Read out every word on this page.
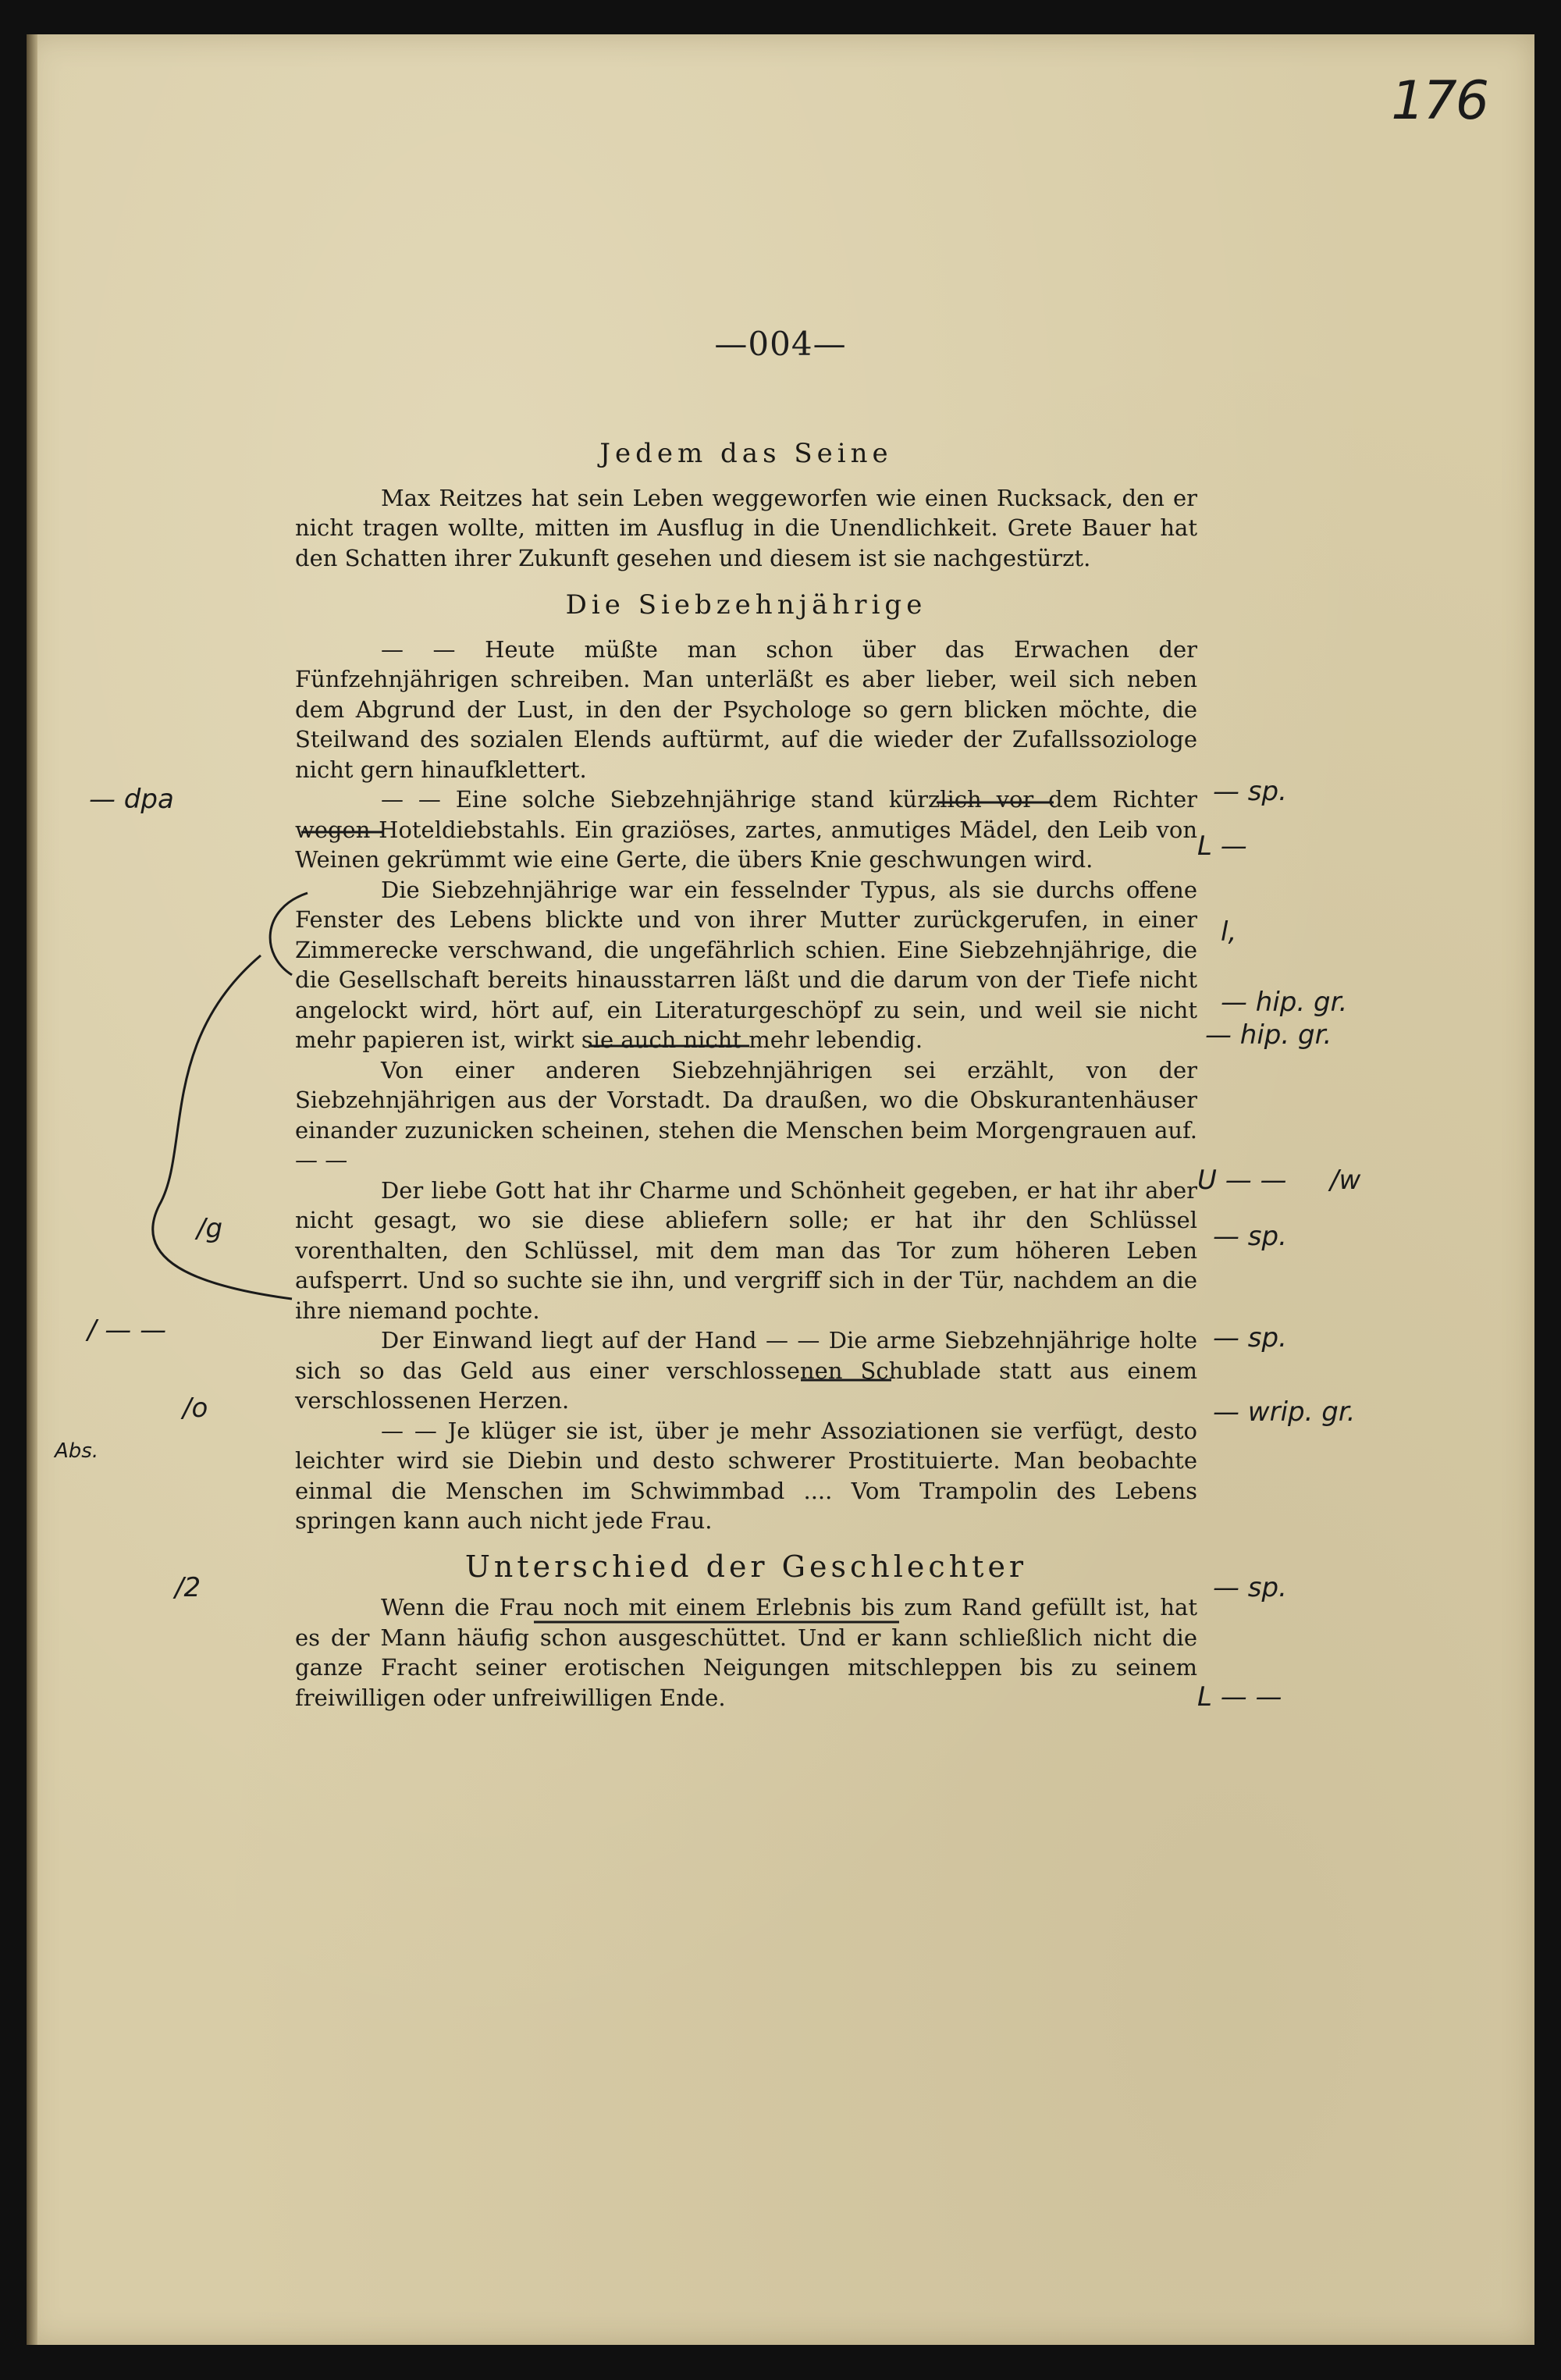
176
—004—
Jedem das Seine

Max Reitzes hat sein Leben weggeworfen wie einen Rucksack, den er nicht tragen wollte, mitten im Ausflug in die Unendlichkeit. Grete Bauer hat den Schatten ihrer Zukunft gesehen und diesem ist sie nachgestürzt.

Die Siebzehnjährige

— — Heute müßte man schon über das Erwachen der Fünfzehnjährigen schreiben. Man unterläßt es aber lieber, weil sich neben dem Abgrund der Lust, in den der Psychologe so gern blicken möchte, die Steilwand des sozialen Elends auftürmt, auf die wieder der Zufallssoziologe nicht gern hinaufklettert.

— — Eine solche Siebzehnjährige stand kürzlich vor dem Richter wegen Hoteldiebstahls. Ein graziöses, zartes, anmutiges Mädel, den Leib von Weinen gekrümmt wie eine Gerte, die übers Knie geschwungen wird.

Die Siebzehnjährige war ein fesselnder Typus, als sie durchs offene Fenster des Lebens blickte und von ihrer Mutter zurückgerufen, in einer Zimmerecke verschwand, die ungefährlich schien. Eine Siebzehnjährige, die die Gesellschaft bereits hinausstarren läßt und die darum von der Tiefe nicht angelockt wird, hört auf, ein Literaturgeschöpf zu sein, und weil sie nicht mehr papieren ist, wirkt sie auch nicht mehr lebendig.

Von einer anderen Siebzehnjährigen sei erzählt, von der Siebzehnjährigen aus der Vorstadt. Da draußen, wo die Obskurantenhäuser einander zuzunicken scheinen, stehen die Menschen beim Morgengrauen auf. — —

Der liebe Gott hat ihr Charme und Schönheit gegeben, er hat ihr aber nicht gesagt, wo sie diese abliefern solle; er hat ihr den Schlüssel vorenthalten, den Schlüssel, mit dem man das Tor zum höheren Leben aufsperrt. Und so suchte sie ihn, und vergriff sich in der Tür, nachdem an die ihre niemand pochte.

Der Einwand liegt auf der Hand — — Die arme Siebzehnjährige holte sich so das Geld aus einer verschlossenen Schublade statt aus einem verschlossenen Herzen.

— — Je klüger sie ist, über je mehr Assoziationen sie verfügt, desto leichter wird sie Diebin und desto schwerer Prostituierte. Man beobachte einmal die Menschen im Schwimmbad .... Vom Trampolin des Lebens springen kann auch nicht jede Frau.

Unterschied der Geschlechter

Wenn die Frau noch mit einem Erlebnis bis zum Rand gefüllt ist, hat es der Mann häufig schon ausgeschüttet. Und er kann schließlich nicht die ganze Fracht seiner erotischen Neigungen mitschleppen bis zu seinem freiwilligen oder unfreiwilligen Ende.

— dpa
/g
/ — —
/o
Abs.
/2
— sp.
L —
l,
— hip. gr.
— hip. gr.
U — — /w
— sp.
— sp.
— wrip. gr.
— sp.
L — —
